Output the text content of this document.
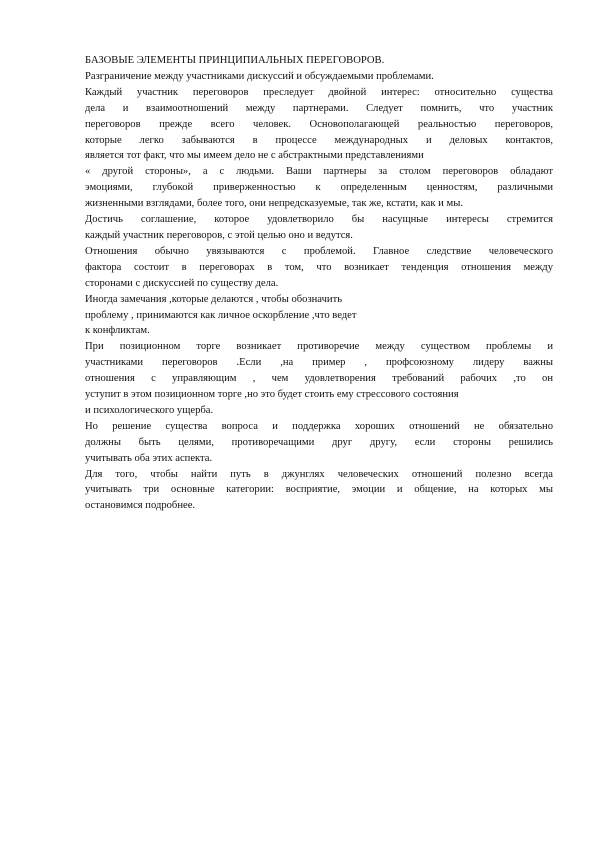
БАЗОВЫЕ ЭЛЕМЕНТЫ ПРИНЦИПИАЛЬНЫХ ПЕРЕГОВОРОВ.
Разграничение между участниками дискуссий и обсуждаемыми проблемами.
Каждый участник переговоров преследует двойной интерес: относительно существа
дела и взаимоотношений между партнерами. Следует помнить, что участник
переговоров прежде всего человек. Основополагающей реальностью переговоров,
которые легко забываются в процессе международных и деловых контактов,
является тот факт, что мы имеем дело не с абстрактными представлениями
« другой стороны», а с людьми. Ваши партнеры за столом переговоров обладают
эмоциями, глубокой приверженностью к определенным ценностям, различными
жизненными взглядами, более того, они непредсказуемые, так же, кстати, как и мы.
Достичь соглашение, которое удовлетворило бы насущные интересы стремится
каждый участник переговоров, с этой целью оно и ведутся.
Отношения обычно увязываются с проблемой. Главное следствие человеческого
фактора состоит в переговорах в том, что возникает тенденция отношения между
сторонами с дискуссией по существу дела.
Иногда замечания ,которые делаются , чтобы обозначить
проблему , принимаются как личное оскорбление ,что ведет
к конфликтам.
При позиционном торге возникает противоречие между существом проблемы и
участниками переговоров .Если ,на пример , профсоюзному лидеру важны
отношения с управляющим , чем удовлетворения требований рабочих ,то он
уступит в этом позиционном торге ,но это будет стоить ему стрессового состояния
и психологического ущерба.
Но решение существа вопроса и поддержка хороших отношений не обязательно
должны быть целями, противоречащими друг другу, если стороны решились
учитывать оба этих аспекта.
Для того, чтобы найти путь в джунглях человеческих отношений полезно всегда
учитывать три основные категории: восприятие, эмоции и общение, на которых мы
остановимся подробнее.
